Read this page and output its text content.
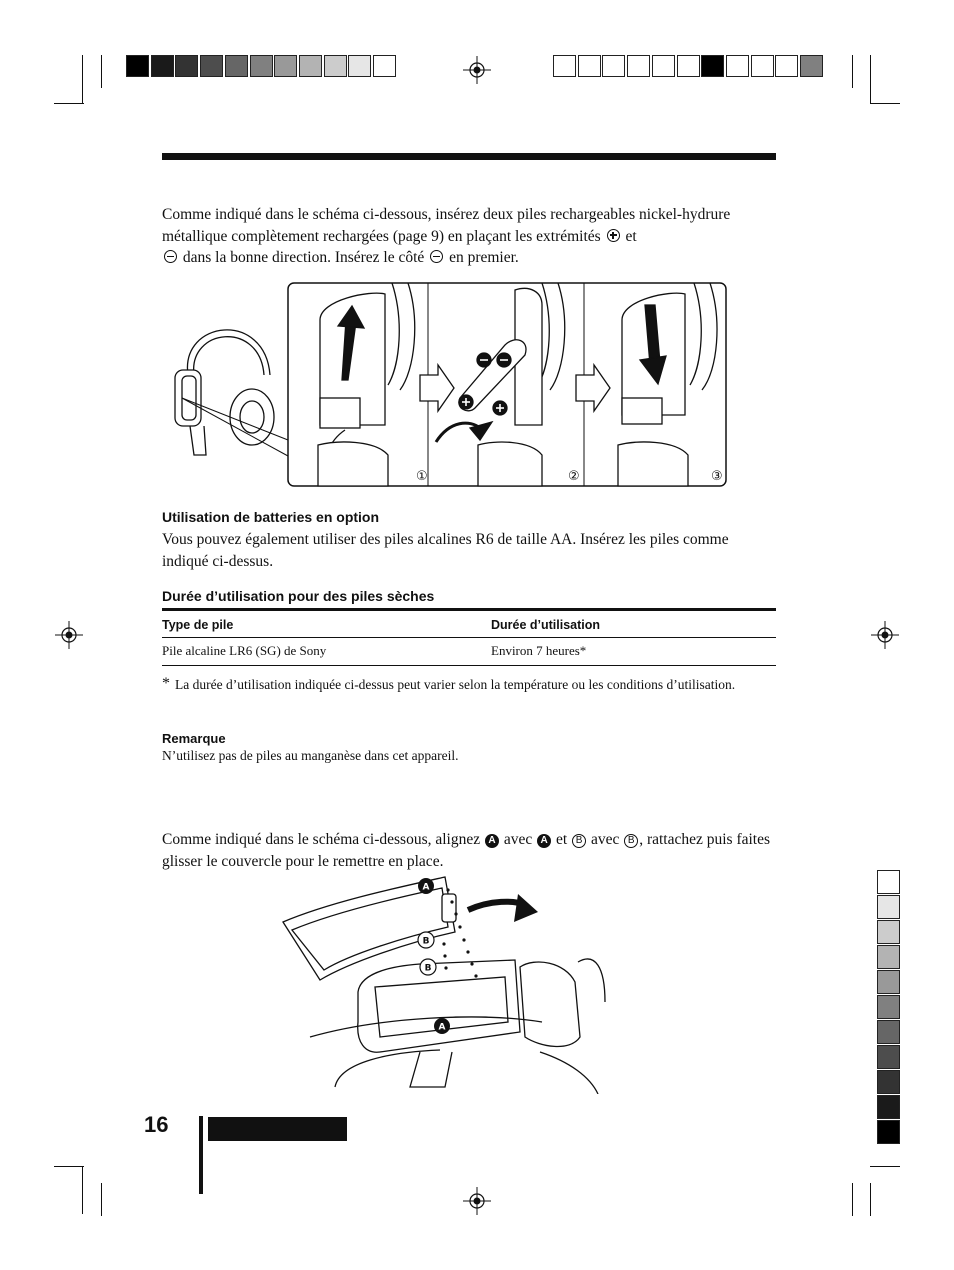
Comme indiqué dans le schéma ci-dessous, insérez deux piles rechargeables nickel-hydrure métallique complètement rechargées (page 9) en plaçant les extrémités et
dans la bonne direction. Insérez le côté en premier.
①	②	③
Utilisation de batteries en option
Vous pouvez également utiliser des piles alcalines R6 de taille AA. Insérez les piles comme indiqué ci-dessus.
Durée d’utilisation pour des piles sèches
Type de pile	Durée d’utilisation
Pile alcaline LR6 (SG) de Sony	Environ 7 heures*
* La durée d’utilisation indiquée ci-dessus peut varier selon la température ou les conditions d’utilisation.
Remarque
N’utilisez pas de piles au manganèse dans cet appareil.
Comme indiqué dans le schéma ci-dessous, alignez A avec A et B avec B , rattachez puis faites glisser le couvercle pour le remettre en place.
A
B
B
A
16
